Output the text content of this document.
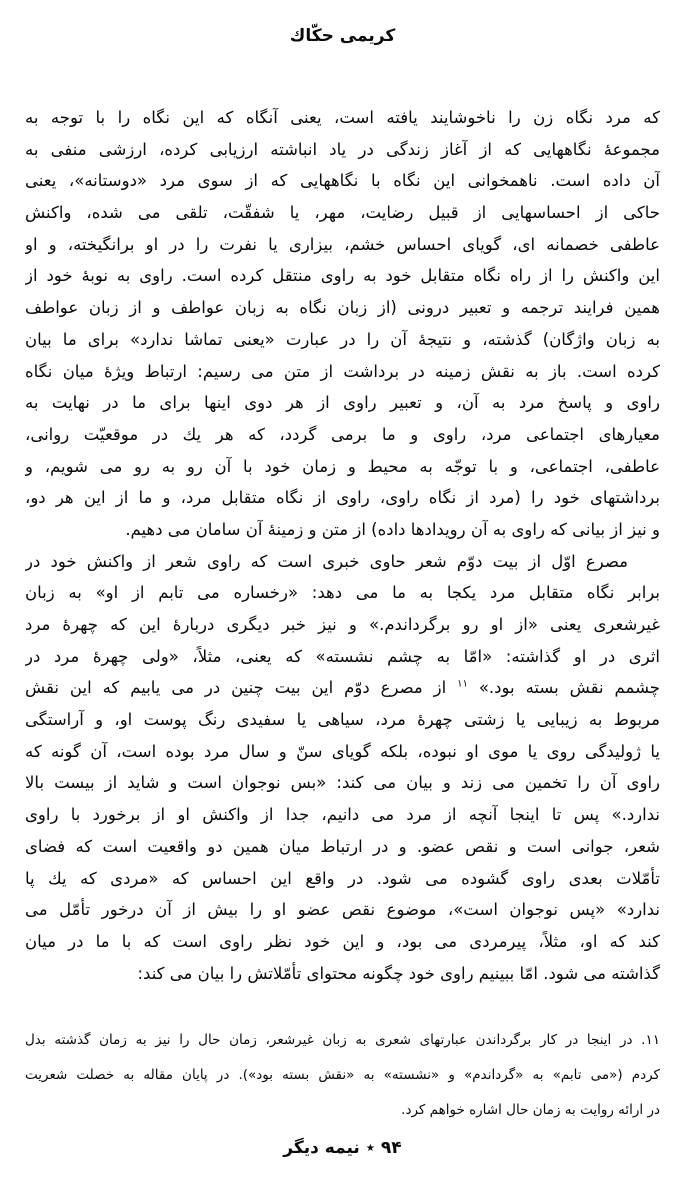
كريمى حكّاك
كه مرد نگاه زن را ناخوشايند يافته است، يعنى آنگاه كه اين نگاه را با توجه به
مجموعهٔ نگاههايى كه از آغاز زندگى در ياد انباشته ارزيابى كرده، ارزشى منفى به
آن داده است. ناهمخوانى اين نگاه با نگاههايى كه از سوى مرد «دوستانه»، يعنى
حاكى از احساسهايى از قبيل رضايت، مهر، يا شفقّت، تلقى مى شده، واكنش
عاطفى خصمانه اى، گوياى احساس خشم، بيزارى يا نفرت را در او برانگيخته، و او
اين واكنش را از راه نگاه متقابل خود به راوى منتقل كرده است. راوى به نوبهٔ خود از
همين فرايند ترجمه و تعبير درونى (از زبان نگاه به زبان عواطف و از زبان عواطف
به زبان واژگان) گذشته، و نتيجهٔ آن را در عبارت «يعنى تماشا ندارد» براى ما بيان
كرده است. باز به نقش زمينه در برداشت از متن مى رسيم: ارتباط ويژهٔ ميان نگاه
راوى و پاسخ مرد به آن، و تعبير راوى از هر دوى اينها براى ما در نهايت به
معيارهاى اجتماعى مرد، راوى و ما برمى گردد، كه هر يك در موقعيّت روانى،
عاطفى، اجتماعى، و با توجّه به محيط و زمان خود با آن رو به رو مى شويم، و
برداشتهاى خود را (مرد از نگاه راوى، راوى از نگاه متقابل مرد، و ما از اين هر دو،
و نيز از بيانى كه راوى به آن رويدادها داده) از متن و زمينهٔ آن سامان مى دهيم.
مصرع اوّل از بيت دوّم شعر حاوى خبرى است كه راوى شعر از واكنش خود در
برابر نگاه متقابل مرد يكجا به ما مى دهد: «رخساره مى تابم از او» به زبان
غيرشعرى يعنى «از او رو برگرداندم.» و نيز خبر ديگرى دربارهٔ اين كه چهرهٔ مرد
اثرى در او گذاشته: «امّا به چشم نشسته» كه يعنى، مثلاً، «ولى چهرهٔ مرد در
چشمم نقش بسته بود.» $^{١١}$ از مصرع دوّم اين بيت چنين در مى يابيم كه اين نقش
مربوط به زيبايى يا زشتى چهرهٔ مرد، سياهى يا سفيدى رنگ پوست او، و آراستگى
يا ژوليدگى روى يا موى او نبوده، بلكه گوياى سنّ و سال مرد بوده است، آن گونه كه
راوى آن را تخمين مى زند و بيان مى كند: «بس نوجوان است و شايد از بيست بالا
ندارد.» پس تا اينجا آنچه از مرد مى دانيم، جدا از واكنش او از برخورد با راوى
شعر، جوانى است و نقص عضو. و در ارتباط ميان همين دو واقعيت است كه فضاى
تأمّلات بعدى راوى گشوده مى شود. در واقع اين احساس كه «مردى كه يك پا
ندارد» «پس نوجوان است»، موضوع نقص عضو او را بيش از آن درخور تأمّل مى
كند كه او، مثلاً، پيرمردى مى بود، و اين خود نظر راوى است كه با ما در ميان
گذاشته مى شود. امّا ببينيم راوى خود چگونه محتواى تأمّلاتش را بيان مى كند:
١١. در اينجا در كار برگرداندن عبارتهاى شعرى به زبان غيرشعر، زمان حال را نيز به زمان گذشته بدل
كردم («مى تابم» به «گرداندم» و «نشسته» به «نقش بسته بود»). در پايان مقاله به خصلت شعريت
در ارائه روايت به زمان حال اشاره خواهم كرد.
۹۴ ٭ نيمه ديگر
